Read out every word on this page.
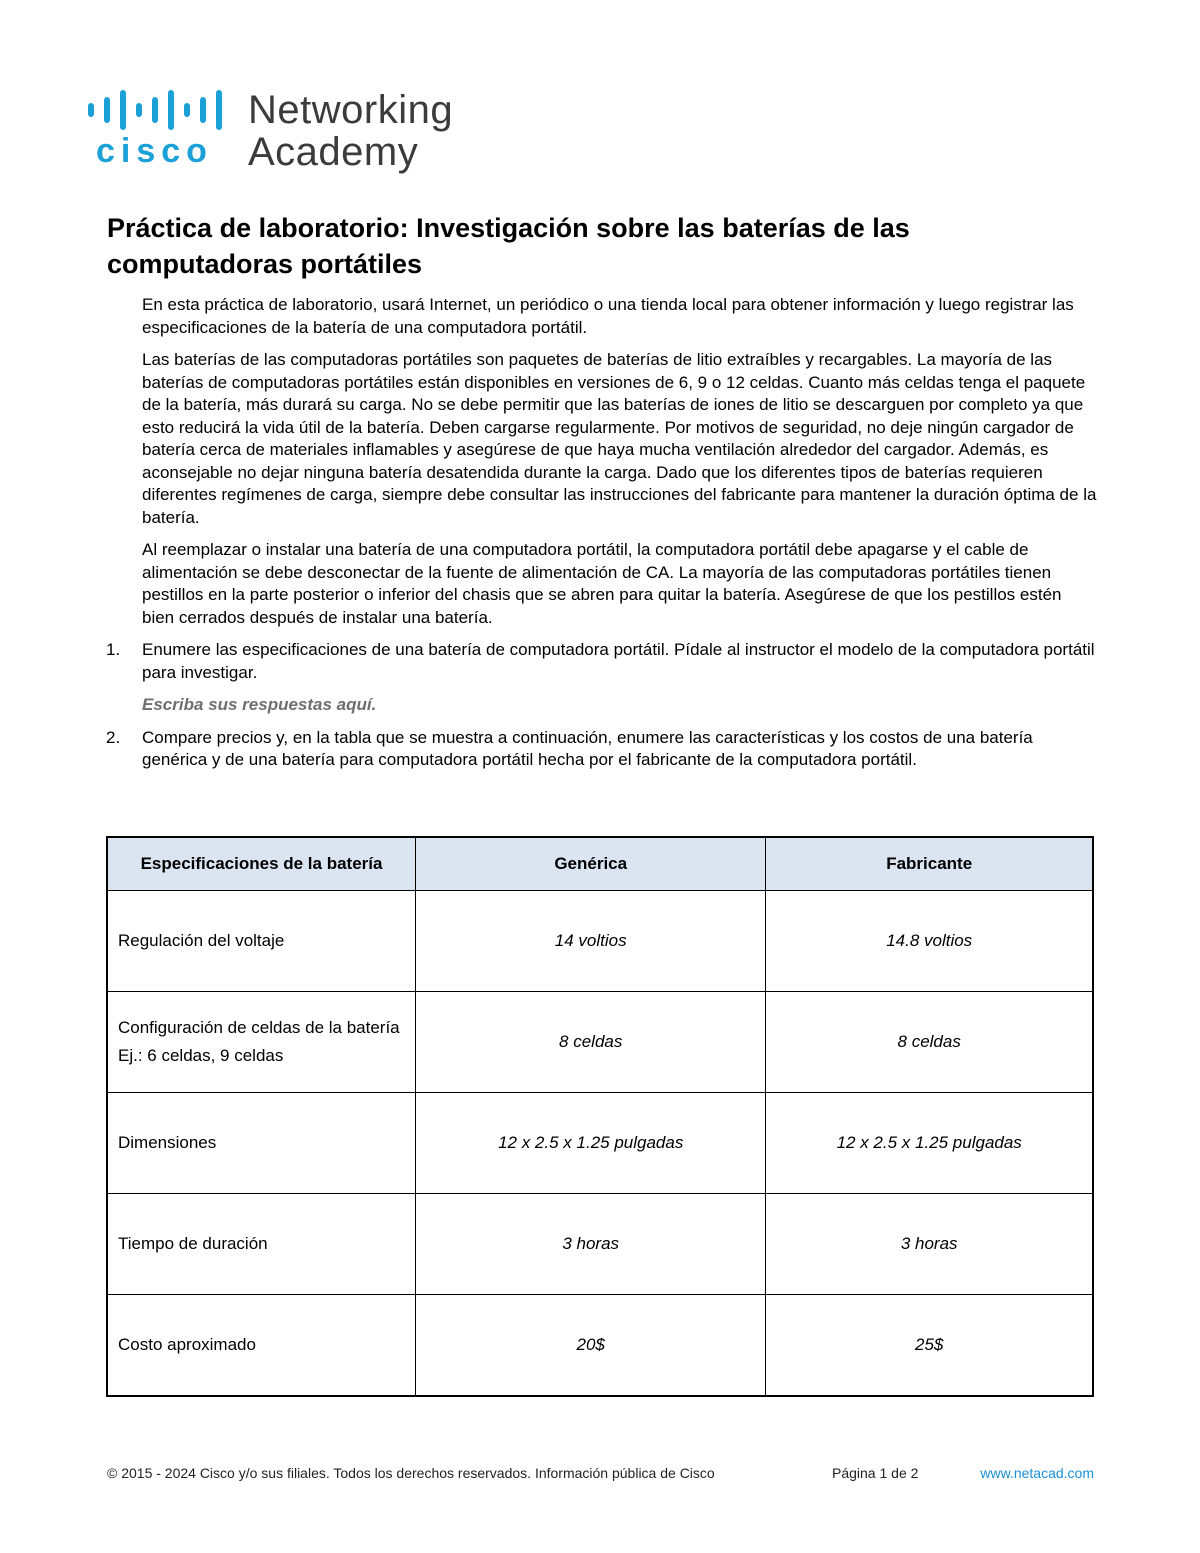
cisco
Networking
Academy
Práctica de laboratorio: Investigación sobre las baterías de las computadoras portátiles

En esta práctica de laboratorio, usará Internet, un periódico o una tienda local para obtener información y luego registrar las especificaciones de la batería de una computadora portátil.

Las baterías de las computadoras portátiles son paquetes de baterías de litio extraíbles y recargables. La mayoría de las baterías de computadoras portátiles están disponibles en versiones de 6, 9 o 12 celdas. Cuanto más celdas tenga el paquete de la batería, más durará su carga. No se debe permitir que las baterías de iones de litio se descarguen por completo ya que esto reducirá la vida útil de la batería. Deben cargarse regularmente. Por motivos de seguridad, no deje ningún cargador de batería cerca de materiales inflamables y asegúrese de que haya mucha ventilación alrededor del cargador. Además, es aconsejable no dejar ninguna batería desatendida durante la carga. Dado que los diferentes tipos de baterías requieren diferentes regímenes de carga, siempre debe consultar las instrucciones del fabricante para mantener la duración óptima de la batería.

Al reemplazar o instalar una batería de una computadora portátil, la computadora portátil debe apagarse y el cable de alimentación se debe desconectar de la fuente de alimentación de CA. La mayoría de las computadoras portátiles tienen pestillos en la parte posterior o inferior del chasis que se abren para quitar la batería. Asegúrese de que los pestillos estén bien cerrados después de instalar una batería.

1. Enumere las especificaciones de una batería de computadora portátil. Pídale al instructor el modelo de la computadora portátil para investigar.
Escriba sus respuestas aquí.
2. Compare precios y, en la tabla que se muestra a continuación, enumere las características y los costos de una batería genérica y de una batería para computadora portátil hecha por el fabricante de la computadora portátil.
Especificaciones de la batería	Genérica	Fabricante
Regulación del voltaje	14 voltios	14.8 voltios
Configuración de celdas de la batería
Ej.: 6 celdas, 9 celdas	8 celdas	8 celdas
Dimensiones	12 x 2.5 x 1.25 pulgadas	12 x 2.5 x 1.25 pulgadas
Tiempo de duración	3 horas	3 horas
Costo aproximado	20$	25$
© 2015 - 2024 Cisco y/o sus filiales. Todos los derechos reservados. Información pública de Cisco	Página 1 de 2	www.netacad.com
